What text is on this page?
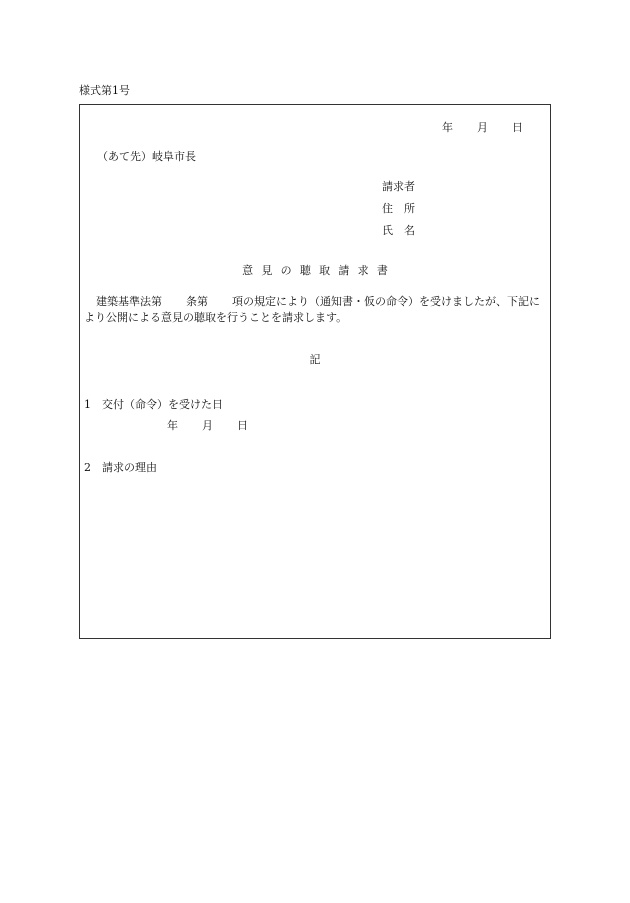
様式第1号
年 月 日
（あて先）岐阜市長
請求者
住　所
氏　名
意見の聴取請求書
建築基準法第 条第 項の規定により（通知書・仮の命令）を受けましたが、下記により公開による意見の聴取を行うことを請求します。
記
1 交付（命令）を受けた日
年 月 日
2 請求の理由
